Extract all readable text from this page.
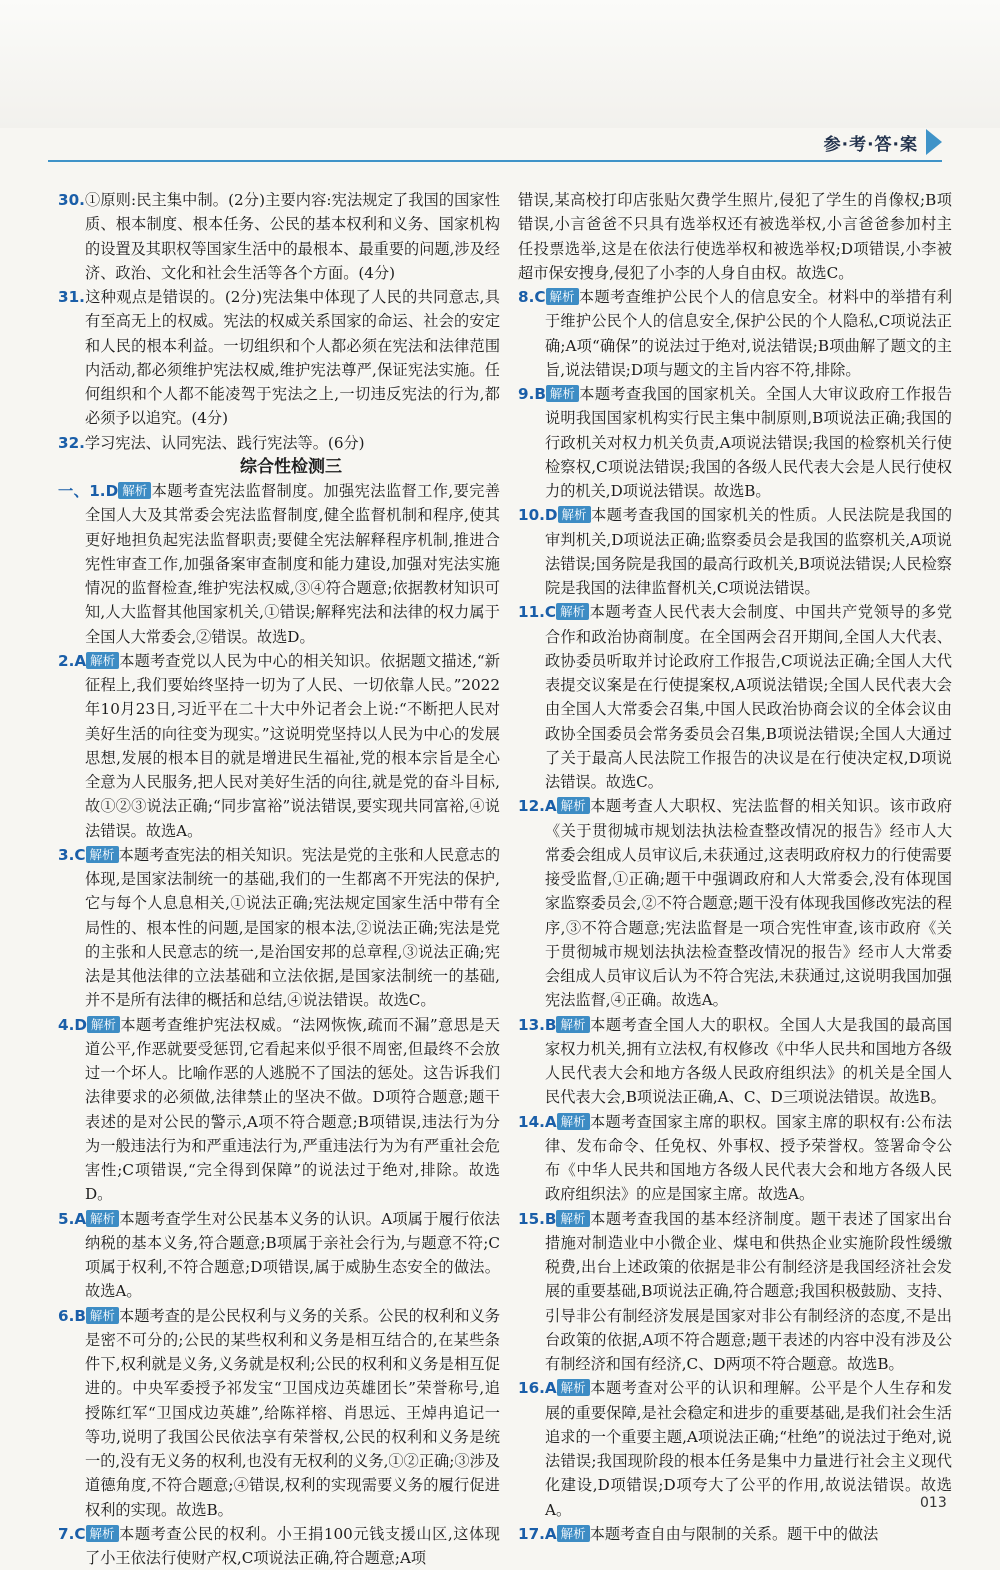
参·考·答·案

30.①原则:民主集中制。(2分)主要内容:宪法规定了我国的国家性质、根本制度、根本任务、公民的基本权利和义务、国家机构的设置及其职权等国家生活中的最根本、最重要的问题,涉及经济、政治、文化和社会生活等各个方面。(4分)

31.这种观点是错误的。(2分)宪法集中体现了人民的共同意志,具有至高无上的权威。宪法的权威关系国家的命运、社会的安定和人民的根本利益。一切组织和个人都必须在宪法和法律范围内活动,都必须维护宪法权威,维护宪法尊严,保证宪法实施。任何组织和个人都不能凌驾于宪法之上,一切违反宪法的行为,都必须予以追究。(4分)

32.学习宪法、认同宪法、践行宪法等。(6分)

综合性检测三

一、1.D 解析 本题考查宪法监督制度。加强宪法监督工作,要完善全国人大及其常委会宪法监督制度,健全监督机制和程序,使其更好地担负起宪法监督职责;要健全宪法解释程序机制,推进合宪性审查工作,加强备案审查制度和能力建设,加强对宪法实施情况的监督检查,维护宪法权威,③④符合题意;依据教材知识可知,人大监督其他国家机关,①错误;解释宪法和法律的权力属于全国人大常委会,②错误。故选D。

2.A 解析 本题考查党以人民为中心的相关知识。依据题文描述,“新征程上,我们要始终坚持一切为了人民、一切依靠人民。”2022年10月23日,习近平在二十大中外记者会上说:“不断把人民对美好生活的向往变为现实。”这说明党坚持以人民为中心的发展思想,发展的根本目的就是增进民生福祉,党的根本宗旨是全心全意为人民服务,把人民对美好生活的向往,就是党的奋斗目标,故①②③说法正确;“同步富裕”说法错误,要实现共同富裕,④说法错误。故选A。

3.C 解析 本题考查宪法的相关知识。宪法是党的主张和人民意志的体现,是国家法制统一的基础,我们的一生都离不开宪法的保护,它与每个人息息相关,①说法正确;宪法规定国家生活中带有全局性的、根本性的问题,是国家的根本法,②说法正确;宪法是党的主张和人民意志的统一,是治国安邦的总章程,③说法正确;宪法是其他法律的立法基础和立法依据,是国家法制统一的基础,并不是所有法律的概括和总结,④说法错误。故选C。

4.D 解析 本题考查维护宪法权威。“法网恢恢,疏而不漏”意思是天道公平,作恶就要受惩罚,它看起来似乎很不周密,但最终不会放过一个坏人。比喻作恶的人逃脱不了国法的惩处。这告诉我们法律要求的必须做,法律禁止的坚决不做。D项符合题意;题干表述的是对公民的警示,A项不符合题意;B项错误,违法行为分为一般违法行为和严重违法行为,严重违法行为为有严重社会危害性;C项错误,“完全得到保障”的说法过于绝对,排除。故选D。

5.A 解析 本题考查学生对公民基本义务的认识。A项属于履行依法纳税的基本义务,符合题意;B项属于亲社会行为,与题意不符;C项属于权利,不符合题意;D项错误,属于威胁生态安全的做法。故选A。

6.B 解析 本题考查的是公民权利与义务的关系。公民的权利和义务是密不可分的;公民的某些权利和义务是相互结合的,在某些条件下,权利就是义务,义务就是权利;公民的权利和义务是相互促进的。中央军委授予祁发宝“卫国戍边英雄团长”荣誉称号,追授陈红军“卫国戍边英雄”,给陈祥榕、肖思远、王焯冉追记一等功,说明了我国公民依法享有荣誉权,公民的权利和义务是统一的,没有无义务的权利,也没有无权利的义务,①②正确;③涉及道德角度,不符合题意;④错误,权利的实现需要义务的履行促进权利的实现。故选B。

7.C 解析 本题考查公民的权利。小王捐100元钱支援山区,这体现了小王依法行使财产权,C项说法正确,符合题意;A项

错误,某高校打印店张贴欠费学生照片,侵犯了学生的肖像权;B项错误,小言爸爸不只具有选举权还有被选举权,小言爸爸参加村主任投票选举,这是在依法行使选举权和被选举权;D项错误,小李被超市保安搜身,侵犯了小李的人身自由权。故选C。

8.C 解析 本题考查维护公民个人的信息安全。材料中的举措有利于维护公民个人的信息安全,保护公民的个人隐私,C项说法正确;A项“确保”的说法过于绝对,说法错误;B项曲解了题文的主旨,说法错误;D项与题文的主旨内容不符,排除。

9.B 解析 本题考查我国的国家机关。全国人大审议政府工作报告说明我国国家机构实行民主集中制原则,B项说法正确;我国的行政机关对权力机关负责,A项说法错误;我国的检察机关行使检察权,C项说法错误;我国的各级人民代表大会是人民行使权力的机关,D项说法错误。故选B。

10.D 解析 本题考查我国的国家机关的性质。人民法院是我国的审判机关,D项说法正确;监察委员会是我国的监察机关,A项说法错误;国务院是我国的最高行政机关,B项说法错误;人民检察院是我国的法律监督机关,C项说法错误。

11.C 解析 本题考查人民代表大会制度、中国共产党领导的多党合作和政治协商制度。在全国两会召开期间,全国人大代表、政协委员听取并讨论政府工作报告,C项说法正确;全国人大代表提交议案是在行使提案权,A项说法错误;全国人民代表大会由全国人大常委会召集,中国人民政治协商会议的全体会议由政协全国委员会常务委员会召集,B项说法错误;全国人大通过了关于最高人民法院工作报告的决议是在行使决定权,D项说法错误。故选C。

12.A 解析 本题考查人大职权、宪法监督的相关知识。该市政府《关于贯彻城市规划法执法检查整改情况的报告》经市人大常委会组成人员审议后,未获通过,这表明政府权力的行使需要接受监督,①正确;题干中强调政府和人大常委会,没有体现国家监察委员会,②不符合题意;题干没有体现我国修改宪法的程序,③不符合题意;宪法监督是一项合宪性审查,该市政府《关于贯彻城市规划法执法检查整改情况的报告》经市人大常委会组成人员审议后认为不符合宪法,未获通过,这说明我国加强宪法监督,④正确。故选A。

13.B 解析 本题考查全国人大的职权。全国人大是我国的最高国家权力机关,拥有立法权,有权修改《中华人民共和国地方各级人民代表大会和地方各级人民政府组织法》的机关是全国人民代表大会,B项说法正确,A、C、D三项说法错误。故选B。

14.A 解析 本题考查国家主席的职权。国家主席的职权有:公布法律、发布命令、任免权、外事权、授予荣誉权。签署命令公布《中华人民共和国地方各级人民代表大会和地方各级人民政府组织法》的应是国家主席。故选A。

15.B 解析 本题考查我国的基本经济制度。题干表述了国家出台措施对制造业中小微企业、煤电和供热企业实施阶段性缓缴税费,出台上述政策的依据是非公有制经济是我国经济社会发展的重要基础,B项说法正确,符合题意;我国积极鼓励、支持、引导非公有制经济发展是国家对非公有制经济的态度,不是出台政策的依据,A项不符合题意;题干表述的内容中没有涉及公有制经济和国有经济,C、D两项不符合题意。故选B。

16.A 解析 本题考查对公平的认识和理解。公平是个人生存和发展的重要保障,是社会稳定和进步的重要基础,是我们社会生活追求的一个重要主题,A项说法正确;“杜绝”的说法过于绝对,说法错误;我国现阶段的根本任务是集中力量进行社会主义现代化建设,D项错误;D项夸大了公平的作用,故说法错误。故选A。

17.A 解析 本题考查自由与限制的关系。题干中的做法

013
